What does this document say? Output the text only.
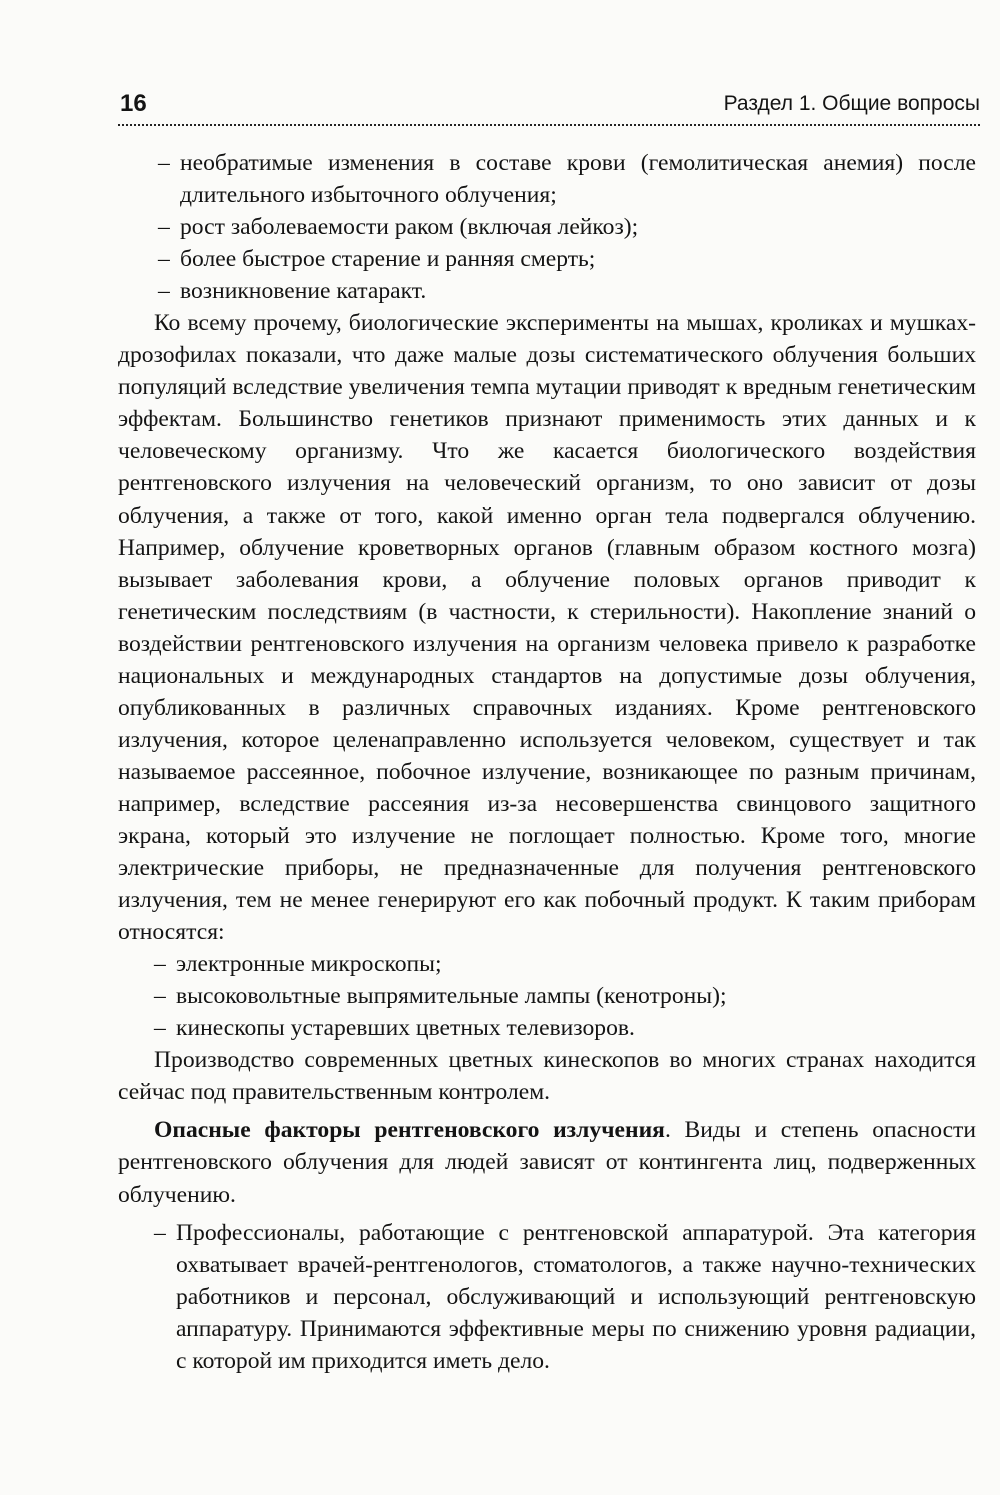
16	Раздел 1. Общие вопросы
– необратимые изменения в составе крови (гемолитическая анемия) после длительного избыточного облучения;
– рост заболеваемости раком (включая лейкоз);
– более быстрое старение и ранняя смерть;
– возникновение катаракт.

Ко всему прочему, биологические эксперименты на мышах, кроликах и мушках-дрозофилах показали, что даже малые дозы систематического облучения больших популяций вследствие увеличения темпа мутации приводят к вредным генетическим эффектам. Большинство генетиков признают применимость этих данных и к человеческому организму. Что же касается биологического воздействия рентгеновского излучения на человеческий организм, то оно зависит от дозы облучения, а также от того, какой именно орган тела подвергался облучению. Например, облучение кроветворных органов (главным образом костного мозга) вызывает заболевания крови, а облучение половых органов приводит к генетическим последствиям (в частности, к стерильности). Накопление знаний о воздействии рентгеновского излучения на организм человека привело к разработке национальных и международных стандартов на допустимые дозы облучения, опубликованных в различных справочных изданиях. Кроме рентгеновского излучения, которое целенаправленно используется человеком, существует и так называемое рассеянное, побочное излучение, возникающее по разным причинам, например, вследствие рассеяния из-за несовершенства свинцового защитного экрана, который это излучение не поглощает полностью. Кроме того, многие электрические приборы, не предназначенные для получения рентгеновского излучения, тем не менее генерируют его как побочный продукт. К таким приборам относятся:

– электронные микроскопы;
– высоковольтные выпрямительные лампы (кенотроны);
– кинескопы устаревших цветных телевизоров.

Производство современных цветных кинескопов во многих странах находится сейчас под правительственным контролем.

Опасные факторы рентгеновского излучения. Виды и степень опасности рентгеновского облучения для людей зависят от контингента лиц, подверженных облучению.

– Профессионалы, работающие с рентгеновской аппаратурой. Эта категория охватывает врачей-рентгенологов, стоматологов, а также научно-технических работников и персонал, обслуживающий и использующий рентгеновскую аппаратуру. Принимаются эффективные меры по снижению уровня радиации, с которой им приходится иметь дело.
